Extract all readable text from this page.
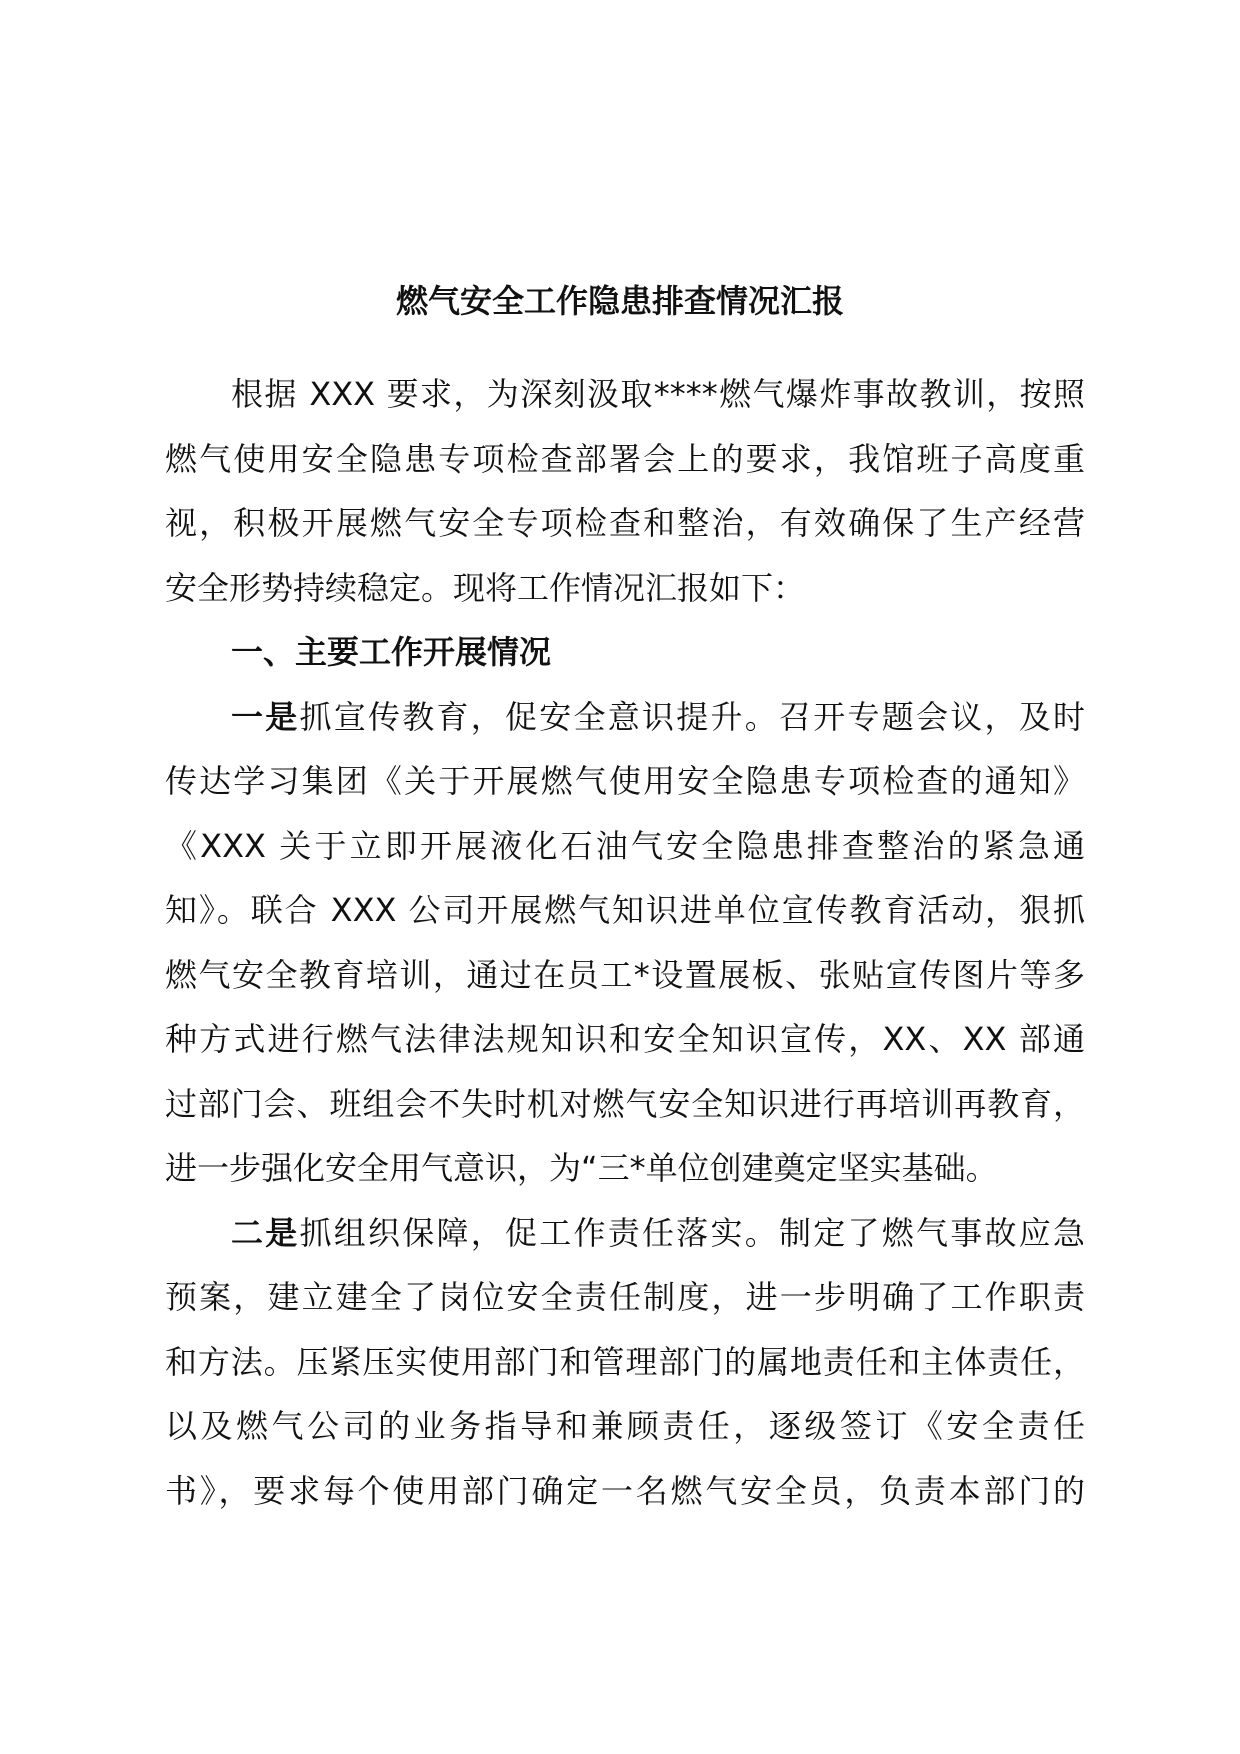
燃气安全工作隐患排查情况汇报
根据 XXX 要求，为深刻汲取****燃气爆炸事故教训，按照
燃气使用安全隐患专项检查部署会上的要求，我馆班子高度重
视，积极开展燃气安全专项检查和整治，有效确保了生产经营
安全形势持续稳定。现将工作情况汇报如下：
一、主要工作开展情况
一是抓宣传教育，促安全意识提升。召开专题会议，及时
传达学习集团《关于开展燃气使用安全隐患专项检查的通知》
《XXX 关于立即开展液化石油气安全隐患排查整治的紧急通
知》。联合 XXX 公司开展燃气知识进单位宣传教育活动，狠抓
燃气安全教育培训，通过在员工*设置展板、张贴宣传图片等多
种方式进行燃气法律法规知识和安全知识宣传，XX、XX 部通
过部门会、班组会不失时机对燃气安全知识进行再培训再教育，
进一步强化安全用气意识，为“三*单位创建奠定坚实基础。
二是抓组织保障，促工作责任落实。制定了燃气事故应急
预案，建立建全了岗位安全责任制度，进一步明确了工作职责
和方法。压紧压实使用部门和管理部门的属地责任和主体责任，
以及燃气公司的业务指导和兼顾责任，逐级签订《安全责任
书》，要求每个使用部门确定一名燃气安全员，负责本部门的
